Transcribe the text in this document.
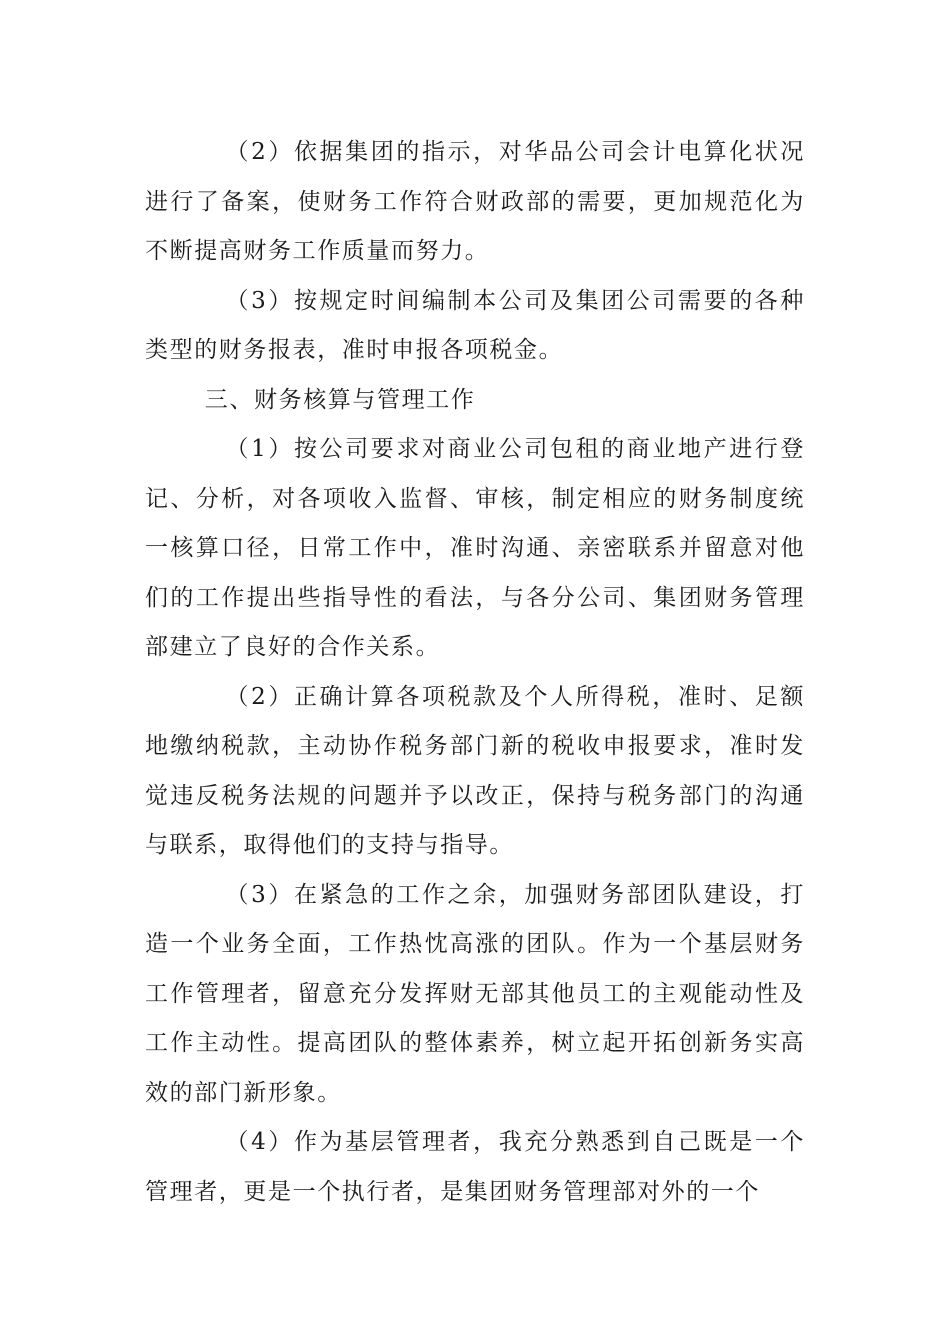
（2）依据集团的指示，对华品公司会计电算化状况进行了备案，使财务工作符合财政部的需要，更加规范化为不断提高财务工作质量而努力。

（3）按规定时间编制本公司及集团公司需要的各种类型的财务报表，准时申报各项税金。

三、财务核算与管理工作

（1）按公司要求对商业公司包租的商业地产进行登记、分析，对各项收入监督、审核，制定相应的财务制度统一核算口径，日常工作中，准时沟通、亲密联系并留意对他们的工作提出些指导性的看法，与各分公司、集团财务管理部建立了良好的合作关系。

（2）正确计算各项税款及个人所得税，准时、足额地缴纳税款，主动协作税务部门新的税收申报要求，准时发觉违反税务法规的问题并予以改正，保持与税务部门的沟通与联系，取得他们的支持与指导。

（3）在紧急的工作之余，加强财务部团队建设，打造一个业务全面，工作热忱高涨的团队。作为一个基层财务工作管理者，留意充分发挥财无部其他员工的主观能动性及工作主动性。提高团队的整体素养，树立起开拓创新务实高效的部门新形象。

（4）作为基层管理者，我充分熟悉到自己既是一个管理者，更是一个执行者，是集团财务管理部对外的一个
